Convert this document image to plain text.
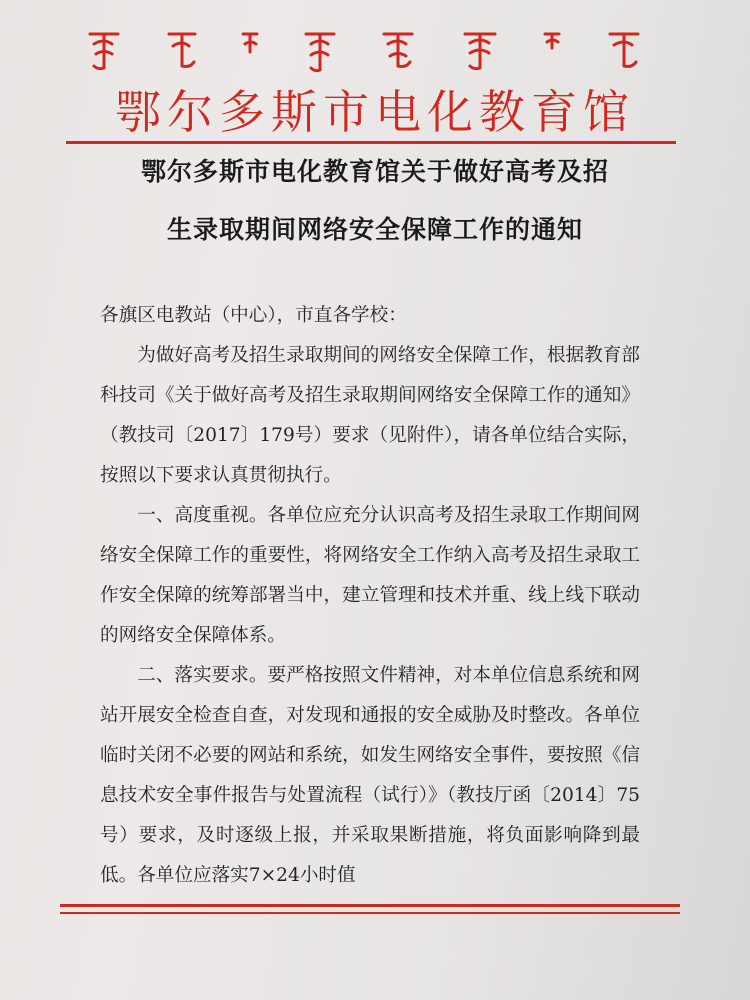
鄂尔多斯市电化教育馆
鄂尔多斯市电化教育馆关于做好高考及招
生录取期间网络安全保障工作的通知

各旗区电教站（中心），市直各学校：

为做好高考及招生录取期间的网络安全保障工作，根据教育部科技司《关于做好高考及招生录取期间网络安全保障工作的通知》（教技司〔2017〕179号）要求（见附件），请各单位结合实际，按照以下要求认真贯彻执行。

一、高度重视。各单位应充分认识高考及招生录取工作期间网络安全保障工作的重要性，将网络安全工作纳入高考及招生录取工作安全保障的统筹部署当中，建立管理和技术并重、线上线下联动的网络安全保障体系。

二、落实要求。要严格按照文件精神，对本单位信息系统和网站开展安全检查自查，对发现和通报的安全威胁及时整改。各单位临时关闭不必要的网站和系统，如发生网络安全事件，要按照《信息技术安全事件报告与处置流程（试行）》（教技厅函〔2014〕75号）要求，及时逐级上报，并采取果断措施，将负面影响降到最低。各单位应落实7×24小时值
